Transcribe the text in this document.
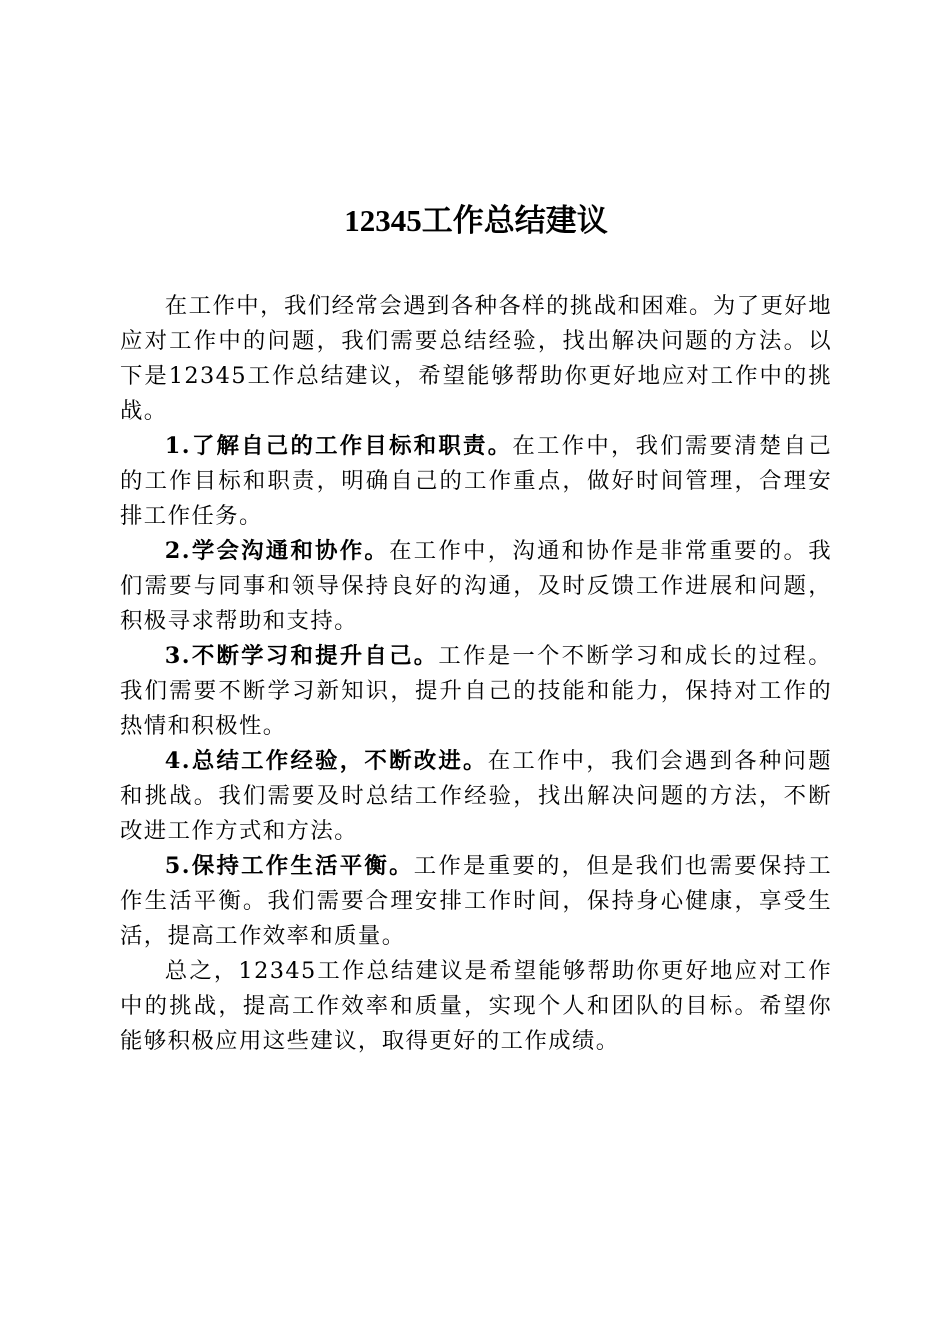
12345工作总结建议

在工作中，我们经常会遇到各种各样的挑战和困难。为了更好地应对工作中的问题，我们需要总结经验，找出解决问题的方法。以下是12345工作总结建议，希望能够帮助你更好地应对工作中的挑战。

1.了解自己的工作目标和职责。在工作中，我们需要清楚自己的工作目标和职责，明确自己的工作重点，做好时间管理，合理安排工作任务。

2.学会沟通和协作。在工作中，沟通和协作是非常重要的。我们需要与同事和领导保持良好的沟通，及时反馈工作进展和问题，积极寻求帮助和支持。

3.不断学习和提升自己。工作是一个不断学习和成长的过程。我们需要不断学习新知识，提升自己的技能和能力，保持对工作的热情和积极性。

4.总结工作经验，不断改进。在工作中，我们会遇到各种问题和挑战。我们需要及时总结工作经验，找出解决问题的方法，不断改进工作方式和方法。

5.保持工作生活平衡。工作是重要的，但是我们也需要保持工作生活平衡。我们需要合理安排工作时间，保持身心健康，享受生活，提高工作效率和质量。

总之，12345工作总结建议是希望能够帮助你更好地应对工作中的挑战，提高工作效率和质量，实现个人和团队的目标。希望你能够积极应用这些建议，取得更好的工作成绩。
